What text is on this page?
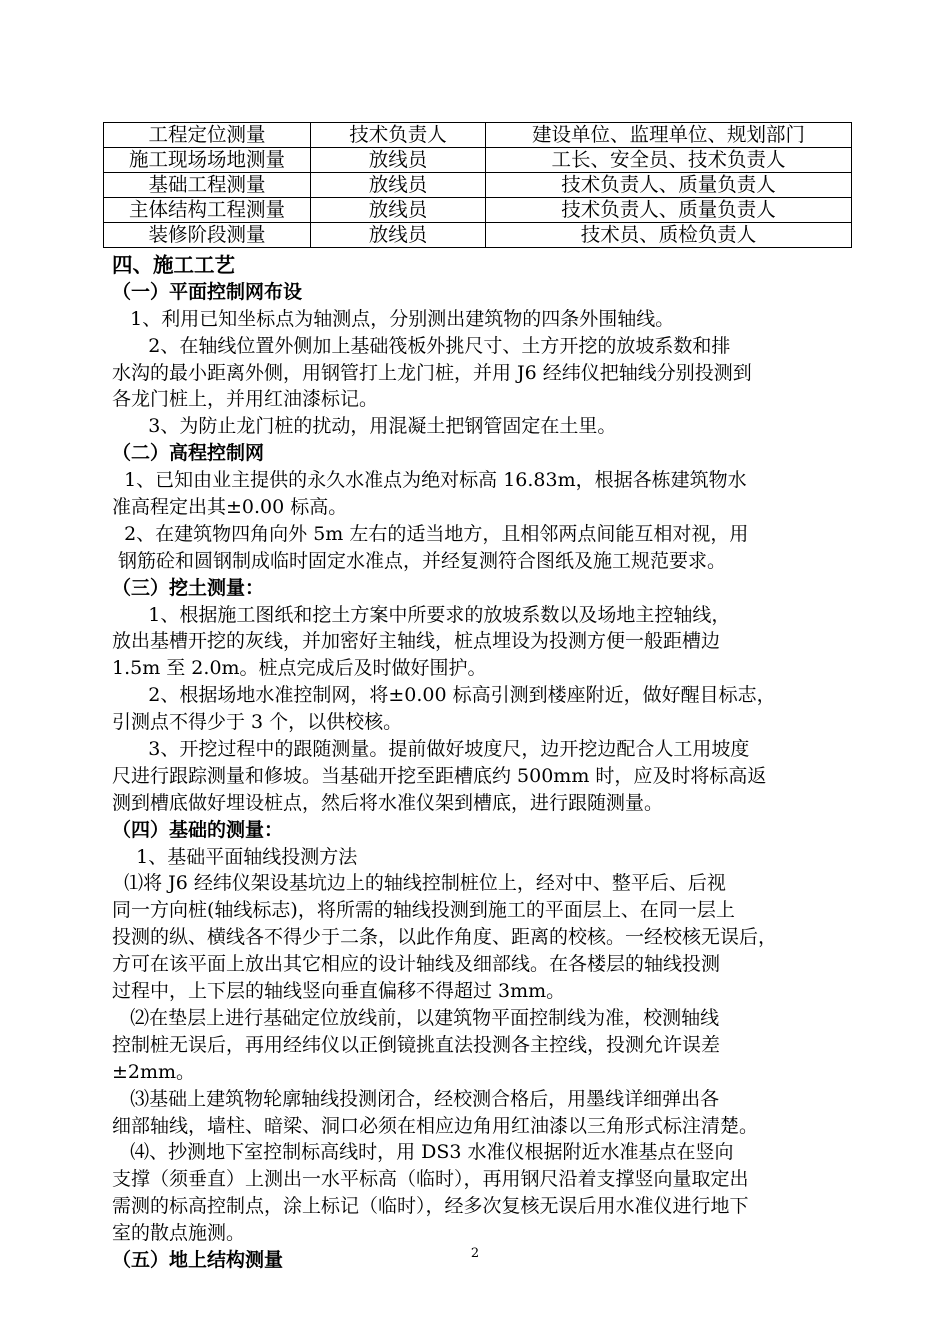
工程定位测量	技术负责人	建设单位、监理单位、规划部门
施工现场场地测量	放线员	工长、安全员、技术负责人
基础工程测量	放线员	技术负责人、质量负责人
主体结构工程测量	放线员	技术负责人、质量负责人
装修阶段测量	放线员	技术员、质检负责人
四、施工工艺
（一）平面控制网布设
1、利用已知坐标点为轴测点，分别测出建筑物的四条外围轴线。
2、在轴线位置外侧加上基础筏板外挑尺寸、土方开挖的放坡系数和排
水沟的最小距离外侧，用钢管打上龙门桩，并用 J6 经纬仪把轴线分别投测到
各龙门桩上，并用红油漆标记。
3、为防止龙门桩的扰动，用混凝土把钢管固定在土里。
（二）高程控制网
1、已知由业主提供的永久水准点为绝对标高 16.83m，根据各栋建筑物水
准高程定出其±0.00 标高。
2、在建筑物四角向外 5m 左右的适当地方，且相邻两点间能互相对视，用
钢筋砼和圆钢制成临时固定水准点，并经复测符合图纸及施工规范要求。
（三）挖土测量：
1、根据施工图纸和挖土方案中所要求的放坡系数以及场地主控轴线，
放出基槽开挖的灰线，并加密好主轴线，桩点埋设为投测方便一般距槽边
1.5m 至 2.0m。桩点完成后及时做好围护。
2、根据场地水准控制网，将±0.00 标高引测到楼座附近，做好醒目标志，
引测点不得少于 3 个，以供校核。
3、开挖过程中的跟随测量。提前做好坡度尺，边开挖边配合人工用坡度
尺进行跟踪测量和修坡。当基础开挖至距槽底约 500mm 时，应及时将标高返
测到槽底做好埋设桩点，然后将水准仪架到槽底，进行跟随测量。
（四）基础的测量：
1、基础平面轴线投测方法
⑴将 J6 经纬仪架设基坑边上的轴线控制桩位上，经对中、整平后、后视
同一方向桩(轴线标志)，将所需的轴线投测到施工的平面层上、在同一层上
投测的纵、横线各不得少于二条，以此作角度、距离的校核。一经校核无误后，
方可在该平面上放出其它相应的设计轴线及细部线。在各楼层的轴线投测
过程中，上下层的轴线竖向垂直偏移不得超过 3mm。
⑵在垫层上进行基础定位放线前，以建筑物平面控制线为准，校测轴线
控制桩无误后，再用经纬仪以正倒镜挑直法投测各主控线，投测允许误差
±2mm。
⑶基础上建筑物轮廓轴线投测闭合，经校测合格后，用墨线详细弹出各
细部轴线，墙柱、暗梁、洞口必须在相应边角用红油漆以三角形式标注清楚。
⑷、抄测地下室控制标高线时，用 DS3 水准仪根据附近水准基点在竖向
支撑（须垂直）上测出一水平标高（临时），再用钢尺沿着支撑竖向量取定出
需测的标高控制点，涂上标记（临时），经多次复核无误后用水准仪进行地下
室的散点施测。
（五）地上结构测量	2
